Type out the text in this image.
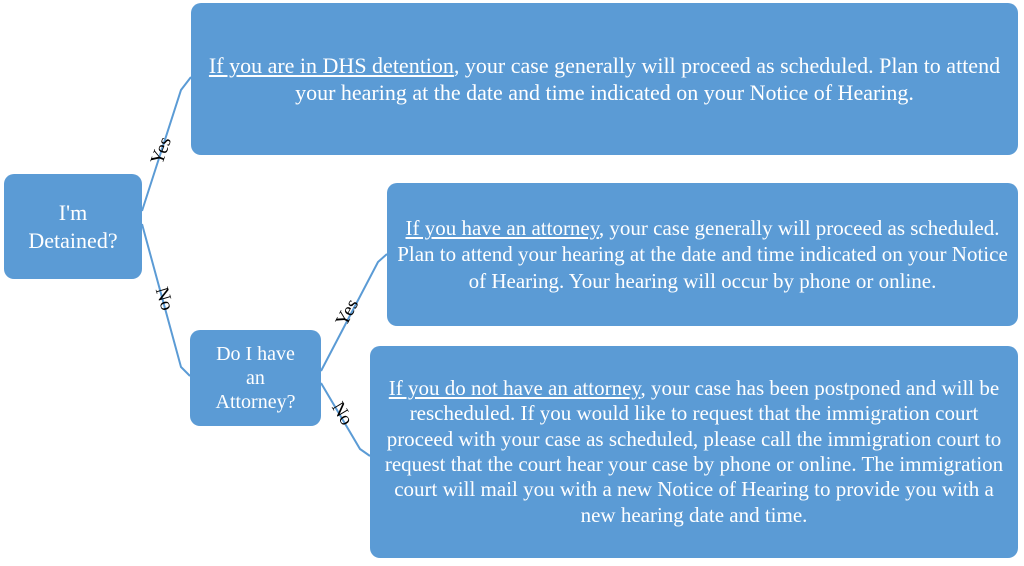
Yes
No	Yes
No

I'm
Detained?

Do I have
an
Attorney?

If you are in DHS detention, your case generally will proceed as scheduled. Plan to attend your hearing at the date and time indicated on your Notice of Hearing.

If you have an attorney, your case generally will proceed as scheduled. Plan to attend your hearing at the date and time indicated on your Notice of Hearing. Your hearing will occur by phone or online.

If you do not have an attorney, your case has been postponed and will be rescheduled. If you would like to request that the immigration court proceed with your case as scheduled, please call the immigration court to request that the court hear your case by phone or online. The immigration court will mail you with a new Notice of Hearing to provide you with a new hearing date and time.
